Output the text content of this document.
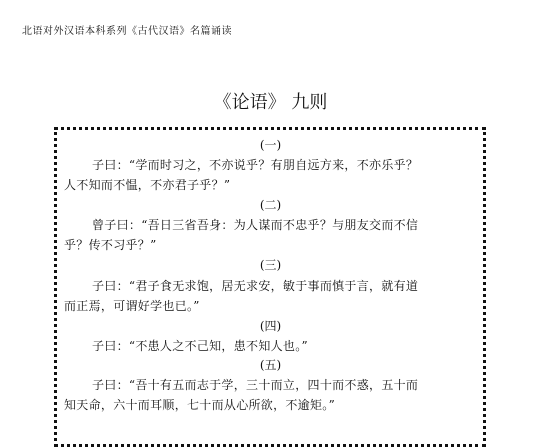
北语对外汉语本科系列《古代汉语》名篇诵读
《论语》 九则
(一)
子曰：“学而时习之，不亦说乎？有朋自远方来，不亦乐乎？
人不知而不愠，不亦君子乎？”
(二)
曾子曰：“吾日三省吾身：为人谋而不忠乎？与朋友交而不信
乎？传不习乎？”
(三)
子曰：“君子食无求饱，居无求安，敏于事而慎于言，就有道
而正焉，可谓好学也已。”
(四)
子曰：“不患人之不己知，患不知人也。”
(五)
子曰：“吾十有五而志于学，三十而立，四十而不惑，五十而
知天命，六十而耳顺，七十而从心所欲，不逾矩。”
